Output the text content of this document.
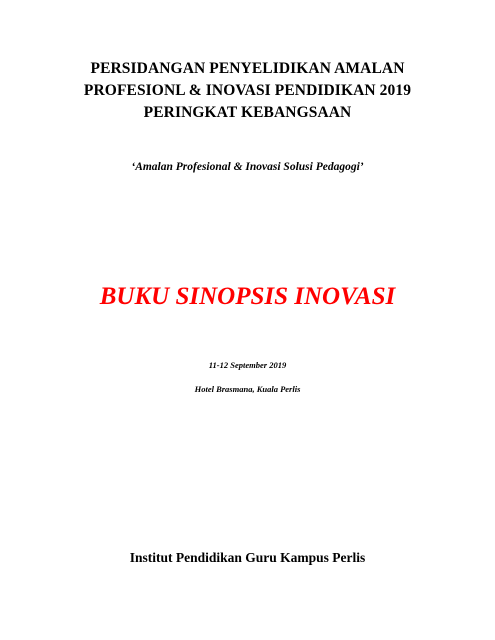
PERSIDANGAN PENYELIDIKAN AMALAN
PROFESIONL & INOVASI PENDIDIKAN 2019
PERINGKAT KEBANGSAAN
‘Amalan Profesional & Inovasi Solusi Pedagogi’
BUKU SINOPSIS INOVASI
11-12 September 2019
Hotel Brasmana, Kuala Perlis
Institut Pendidikan Guru Kampus Perlis
